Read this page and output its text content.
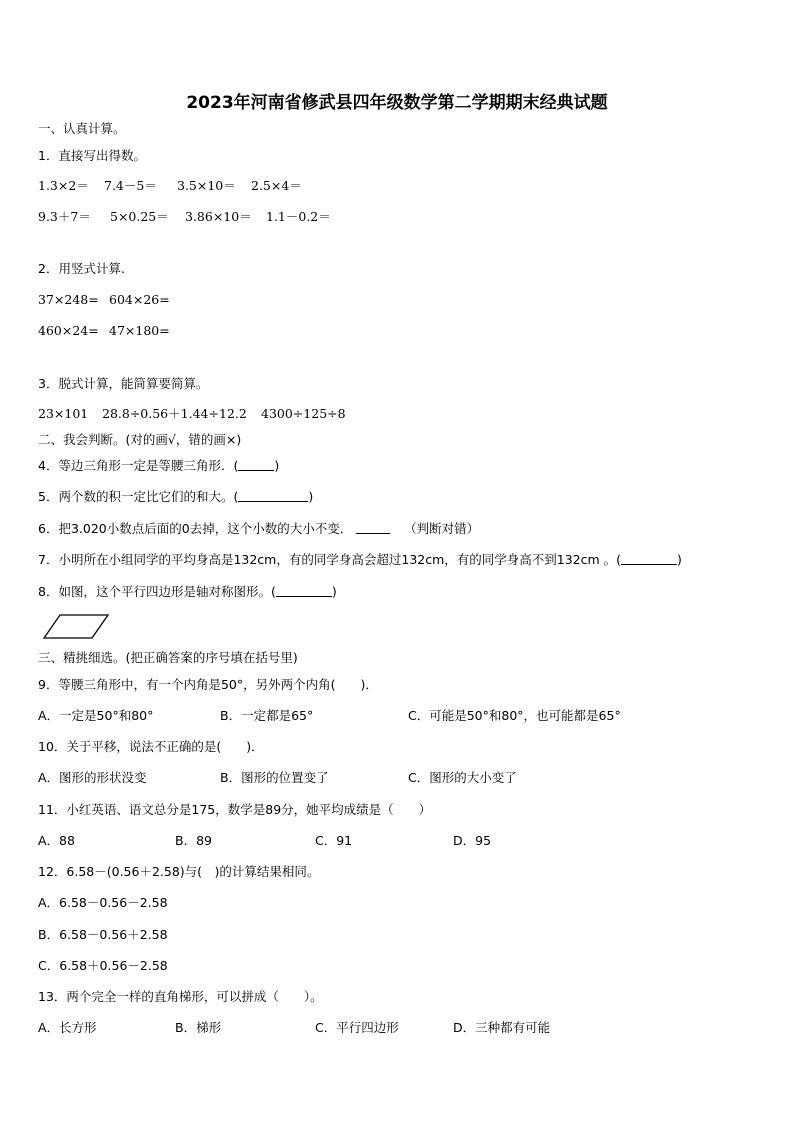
2023年河南省修武县四年级数学第二学期期末经典试题
一、认真计算。
1．直接写出得数。
1.3×2＝ 7.4－5＝ 3.5×10＝ 2.5×4＝
9.3＋7＝ 5×0.25＝ 3.86×10＝ 1.1－0.2＝
2．用竖式计算.
37×248= 604×26=
460×24= 47×180=
3．脱式计算，能简算要简算。
23×101 28.8÷0.56＋1.44÷12.2 4300÷125÷8
二、我会判断。(对的画√，错的画×)
4．等边三角形一定是等腰三角形．(	)
5．两个数的积一定比它们的和大。(	)
6．把3.020小数点后面的0去掉，这个小数的大小不变．	（判断对错）
7．小明所在小组同学的平均身高是132cm，有的同学身高会超过132cm，有的同学身高不到132cm 。(	)
8．如图，这个平行四边形是轴对称图形。(	)
三、精挑细选。(把正确答案的序号填在括号里)
9．等腰三角形中，有一个内角是50°，另外两个内角(　　)．
A．一定是50°和80°	B．一定都是65°	C．可能是50°和80°，也可能都是65°
10．关于平移，说法不正确的是(　　)．
A．图形的形状没变	B．图形的位置变了	C．图形的大小变了
11．小红英语、语文总分是175，数学是89分，她平均成绩是（　　）
A．88	B．89	C．91	D．95
12．6.58－(0.56＋2.58)与(　)的计算结果相同。
A．6.58－0.56－2.58
B．6.58－0.56＋2.58
C．6.58＋0.56－2.58
13．两个完全一样的直角梯形，可以拼成（　　）。
A．长方形	B．梯形	C．平行四边形	D．三种都有可能
